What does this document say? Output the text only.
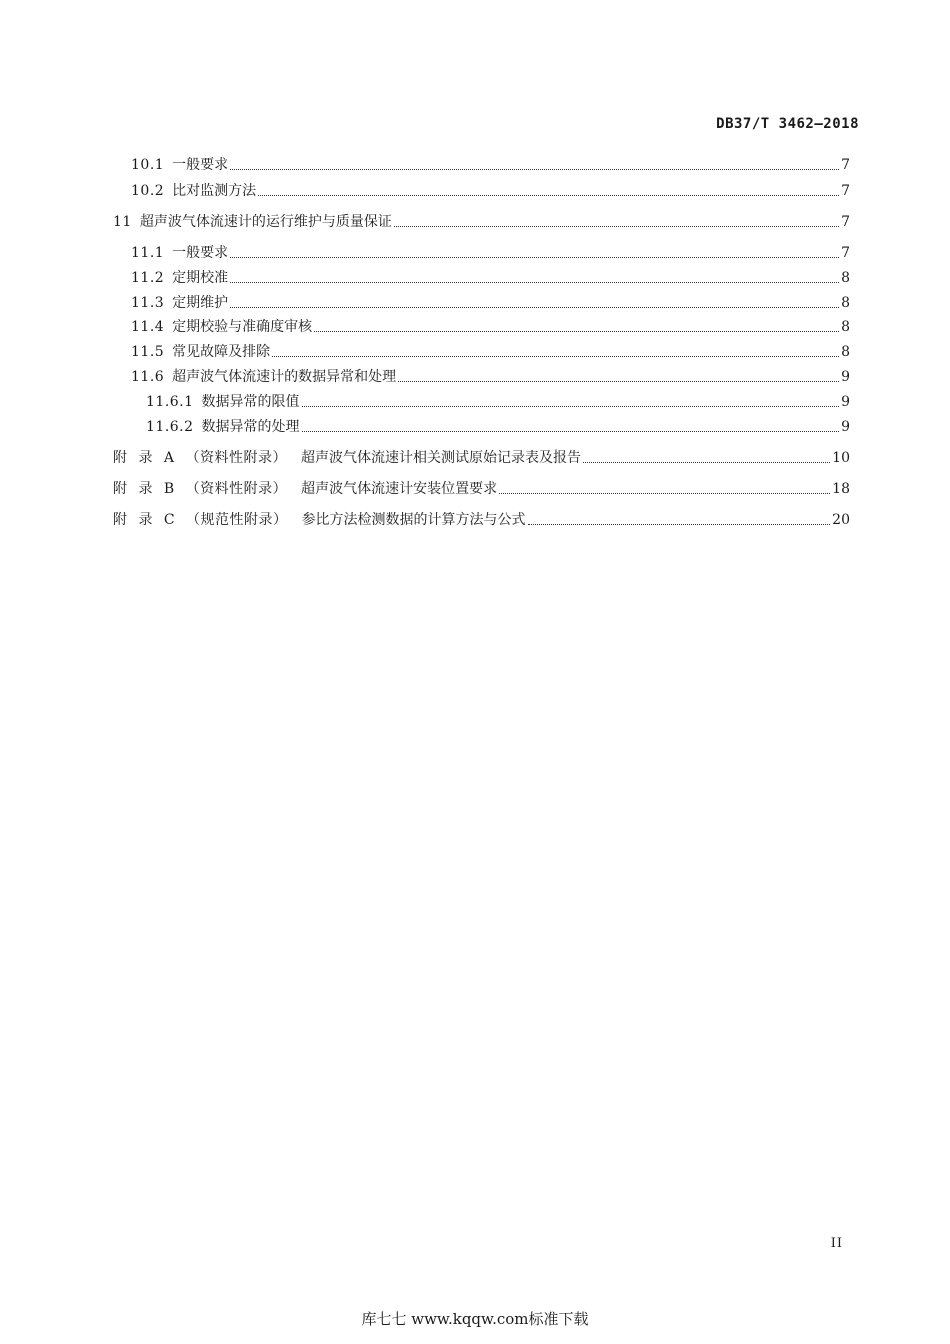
DB37/T 3462—2018
10.1 一般要求	7
10.2 比对监测方法	7
11 超声波气体流速计的运行维护与质量保证	7
11.1 一般要求	7
11.2 定期校准	8
11.3 定期维护	8
11.4 定期校验与准确度审核	8
11.5 常见故障及排除	8
11.6 超声波气体流速计的数据异常和处理	9
11.6.1 数据异常的限值	9
11.6.2 数据异常的处理	9
附 录 A （资料性附录） 超声波气体流速计相关测试原始记录表及报告	10
附 录 B （资料性附录） 超声波气体流速计安装位置要求	18
附 录 C （规范性附录） 参比方法检测数据的计算方法与公式	20
II
库七七 www.kqqw.com标准下载
